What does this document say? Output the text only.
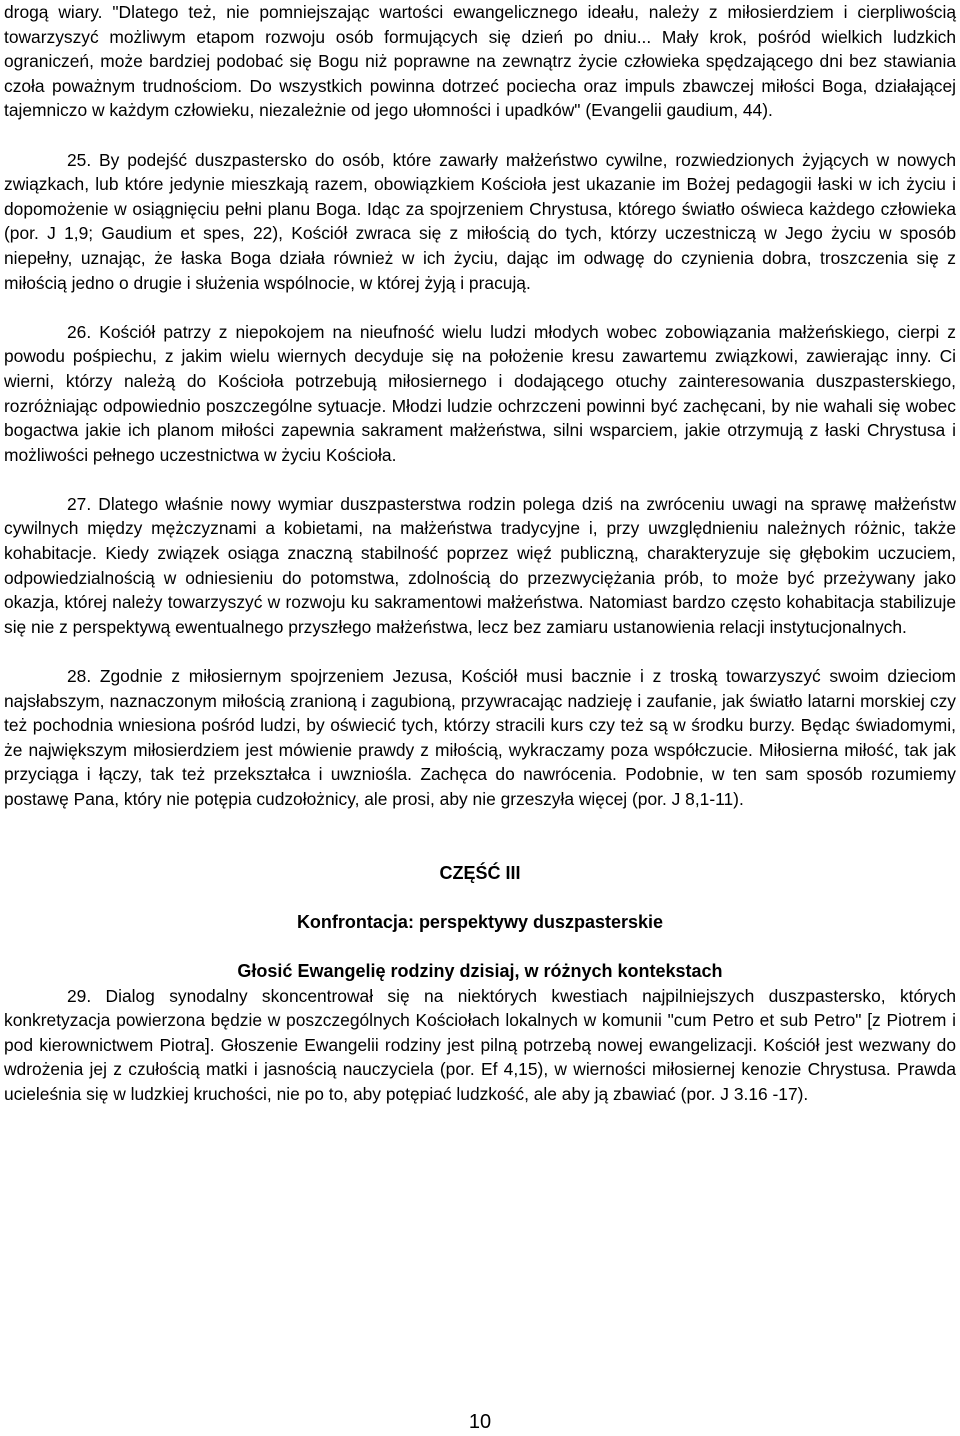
drogą wiary. "Dlatego też, nie pomniejszając wartości ewangelicznego ideału, należy z miłosierdziem i cierpliwością towarzyszyć możliwym etapom rozwoju osób formujących się dzień po dniu... Mały krok, pośród wielkich ludzkich ograniczeń, może bardziej podobać się Bogu niż poprawne na zewnątrz życie człowieka spędzającego dni bez stawiania czoła poważnym trudnościom. Do wszystkich powinna dotrzeć pociecha oraz impuls zbawczej miłości Boga, działającej tajemniczo w każdym człowieku, niezależnie od jego ułomności i upadków" (Evangelii gaudium, 44).

25. By podejść duszpastersko do osób, które zawarły małżeństwo cywilne, rozwiedzionych żyjących w nowych związkach, lub które jedynie mieszkają razem, obowiązkiem Kościoła jest ukazanie im Bożej pedagogii łaski w ich życiu i dopomożenie w osiągnięciu pełni planu Boga. Idąc za spojrzeniem Chrystusa, którego światło oświeca każdego człowieka (por. J 1,9; Gaudium et spes, 22), Kościół zwraca się z miłością do tych, którzy uczestniczą w Jego życiu w sposób niepełny, uznając, że łaska Boga działa również w ich życiu, dając im odwagę do czynienia dobra, troszczenia się z miłością jedno o drugie i służenia wspólnocie, w której żyją i pracują.

26. Kościół patrzy z niepokojem na nieufność wielu ludzi młodych wobec zobowiązania małżeńskiego, cierpi z powodu pośpiechu, z jakim wielu wiernych decyduje się na położenie kresu zawartemu związkowi, zawierając inny. Ci wierni, którzy należą do Kościoła potrzebują miłosiernego i dodającego otuchy zainteresowania duszpasterskiego, rozróżniając odpowiednio poszczególne sytuacje. Młodzi ludzie ochrzczeni powinni być zachęcani, by nie wahali się wobec bogactwa jakie ich planom miłości zapewnia sakrament małżeństwa, silni wsparciem, jakie otrzymują z łaski Chrystusa i możliwości pełnego uczestnictwa w życiu Kościoła.

27. Dlatego właśnie nowy wymiar duszpasterstwa rodzin polega dziś na zwróceniu uwagi na sprawę małżeństw cywilnych między mężczyznami a kobietami, na małżeństwa tradycyjne i, przy uwzględnieniu należnych różnic, także kohabitacje. Kiedy związek osiąga znaczną stabilność poprzez więź publiczną, charakteryzuje się głębokim uczuciem, odpowiedzialnością w odniesieniu do potomstwa, zdolnością do przezwyciężania prób, to może być przeżywany jako okazja, której należy towarzyszyć w rozwoju ku sakramentowi małżeństwa. Natomiast bardzo często kohabitacja stabilizuje się nie z perspektywą ewentualnego przyszłego małżeństwa, lecz bez zamiaru ustanowienia relacji instytucjonalnych.

28. Zgodnie z miłosiernym spojrzeniem Jezusa, Kościół musi bacznie i z troską towarzyszyć swoim dzieciom najsłabszym, naznaczonym miłością zranioną i zagubioną, przywracając nadzieję i zaufanie, jak światło latarni morskiej czy też pochodnia wniesiona pośród ludzi, by oświecić tych, którzy stracili kurs czy też są w środku burzy. Będąc świadomymi, że największym miłosierdziem jest mówienie prawdy z miłością, wykraczamy poza współczucie. Miłosierna miłość, tak jak przyciąga i łączy, tak też przekształca i uwzniośla. Zachęca do nawrócenia. Podobnie, w ten sam sposób rozumiemy postawę Pana, który nie potępia cudzołożnicy, ale prosi, aby nie grzeszyła więcej (por. J 8,1-11).

CZĘŚĆ III

Konfrontacja: perspektywy duszpasterskie

Głosić Ewangelię rodziny dzisiaj, w różnych kontekstach

29. Dialog synodalny skoncentrował się na niektórych kwestiach najpilniejszych duszpastersko, których konkretyzacja powierzona będzie w poszczególnych Kościołach lokalnych w komunii "cum Petro et sub Petro" [z Piotrem i pod kierownictwem Piotra]. Głoszenie Ewangelii rodziny jest pilną potrzebą nowej ewangelizacji. Kościół jest wezwany do wdrożenia jej z czułością matki i jasnością nauczyciela (por. Ef 4,15), w wierności miłosiernej kenozie Chrystusa. Prawda ucieleśnia się w ludzkiej kruchości, nie po to, aby potępiać ludzkość, ale aby ją zbawiać (por. J 3.16 -17).

10
